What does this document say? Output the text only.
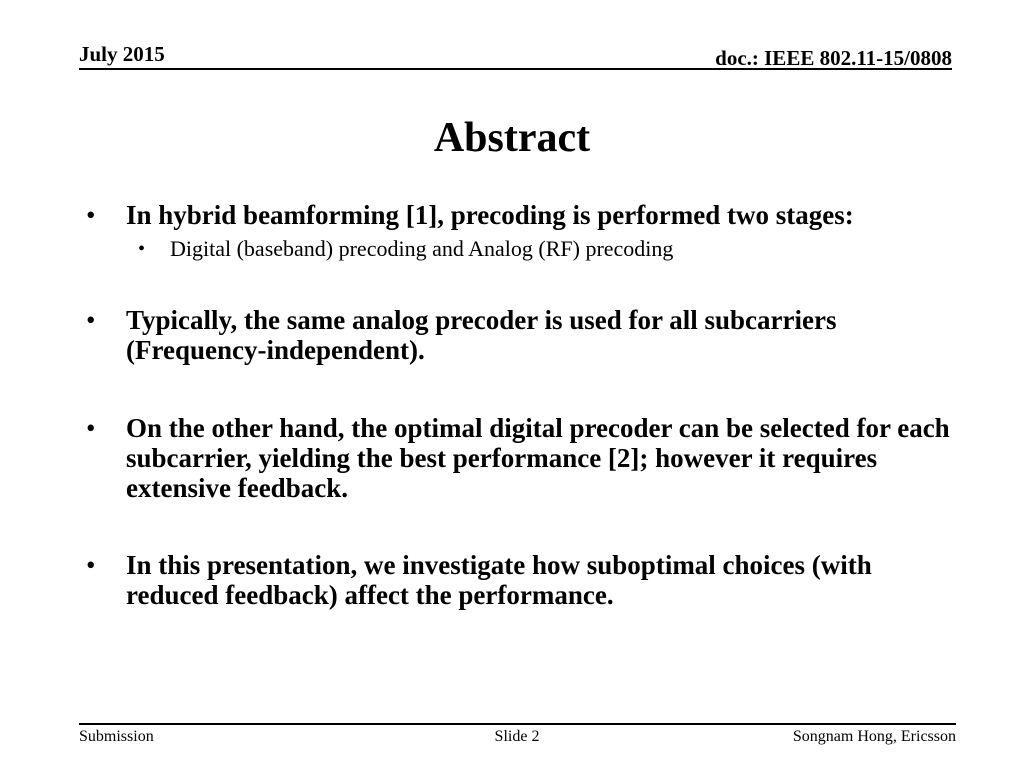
July 2015	doc.: IEEE 802.11-15/0808
Abstract
• In hybrid beamforming [1], precoding is performed two stages:
• Digital (baseband) precoding and Analog (RF) precoding
• Typically, the same analog precoder is used for all subcarriers (Frequency-independent).
• On the other hand, the optimal digital precoder can be selected for each subcarrier, yielding the best performance [2]; however it requires extensive feedback.
• In this presentation, we investigate how suboptimal choices (with reduced feedback) affect the performance.
Submission	Slide 2	Songnam Hong, Ericsson
